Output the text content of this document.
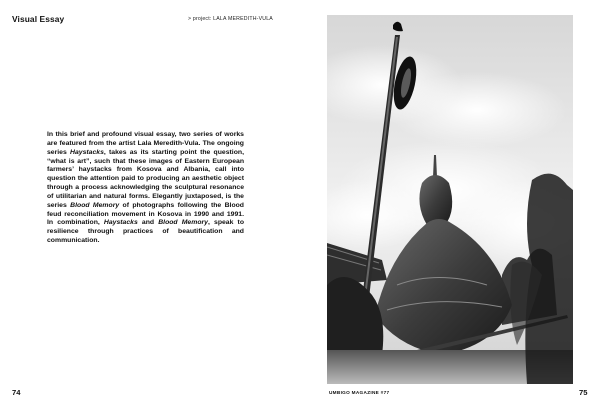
Visual Essay	> project: LALA MEREDITH-VULA
In this brief and profound visual essay, two series of works are featured from the artist Lala Meredith-Vula. The ongoing series Haystacks, takes as its starting point the question, “what is art”, such that these images of Eastern European farmers’ haystacks from Kosova and Albania, call into question the attention paid to producing an aesthetic object through a process acknowledging the sculptural resonance of utilitarian and natural forms. Elegantly juxtaposed, is the series Blood Memory of photographs following the Blood feud reconciliation movement in Kosova in 1990 and 1991. In combination, Haystacks and Blood Memory, speak to resilience through practices of beautification and communication.
74	UMBIGO MAGAZINE #77	75
